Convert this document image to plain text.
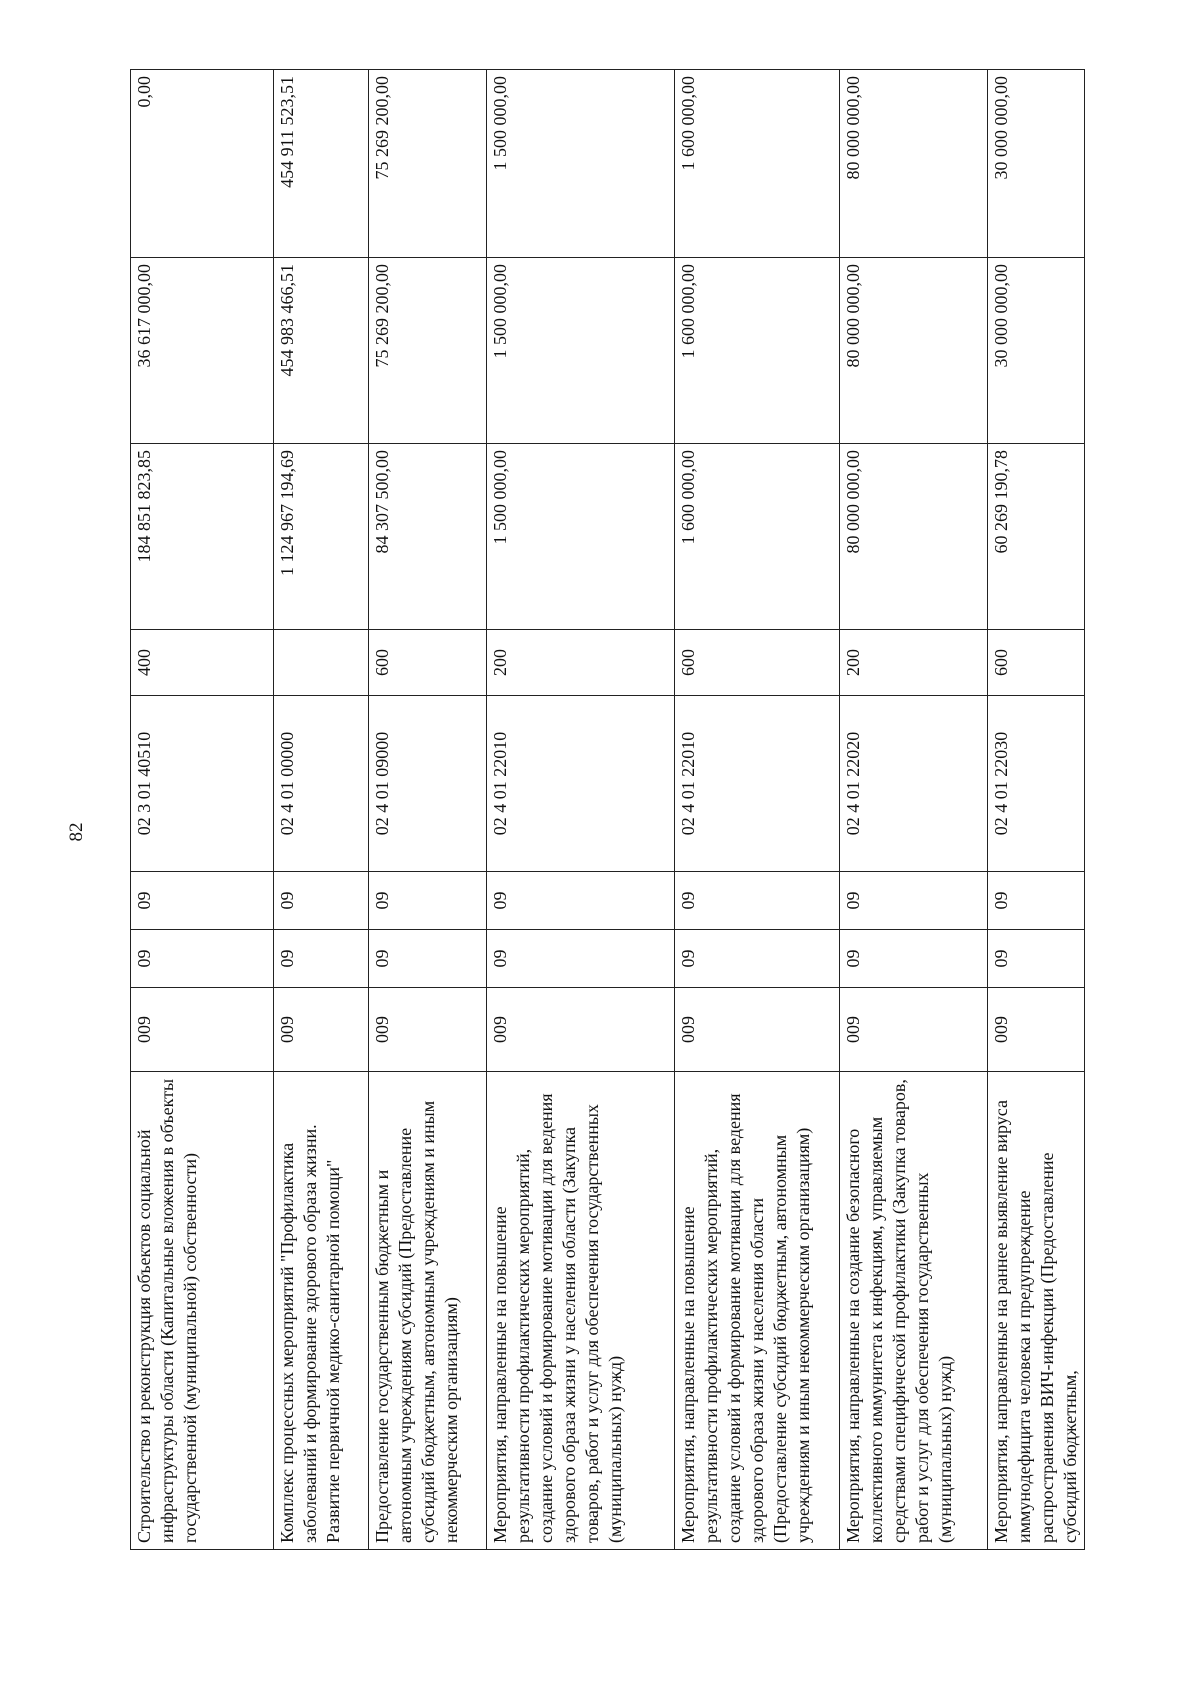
82
Строительство и реконструкция объектов социальной инфраструктуры области (Капитальные вложения в объекты государственной (муниципальной) собственности)	009	09	09	02 3 01 40510	400	184 851 823,85	36 617 000,00	0,00
Комплекс процессных мероприятий "Профилактика заболеваний и формирование здорового образа жизни. Развитие первичной медико-санитарной помощи"	009	09	09	02 4 01 00000		1 124 967 194,69	454 983 466,51	454 911 523,51
Предоставление государственным бюджетным и автономным учреждениям субсидий (Предоставление субсидий бюджетным, автономным учреждениям и иным некоммерческим организациям)	009	09	09	02 4 01 09000	600	84 307 500,00	75 269 200,00	75 269 200,00
Мероприятия, направленные на повышение результативности профилактических мероприятий, создание условий и формирование мотивации для ведения здорового образа жизни у населения области (Закупка товаров, работ и услуг для обеспечения государственных (муниципальных) нужд)	009	09	09	02 4 01 22010	200	1 500 000,00	1 500 000,00	1 500 000,00
Мероприятия, направленные на повышение результативности профилактических мероприятий, создание условий и формирование мотивации для ведения здорового образа жизни у населения области (Предоставление субсидий бюджетным, автономным учреждениям и иным некоммерческим организациям)	009	09	09	02 4 01 22010	600	1 600 000,00	1 600 000,00	1 600 000,00
Мероприятия, направленные на создание безопасного коллективного иммунитета к инфекциям, управляемым средствами специфической профилактики (Закупка товаров, работ и услуг для обеспечения государственных (муниципальных) нужд)	009	09	09	02 4 01 22020	200	80 000 000,00	80 000 000,00	80 000 000,00
Мероприятия, направленные на раннее выявление вируса иммунодефицита человека и предупреждение распространения ВИЧ-инфекции (Предоставление субсидий бюджетным,	009	09	09	02 4 01 22030	600	60 269 190,78	30 000 000,00	30 000 000,00
